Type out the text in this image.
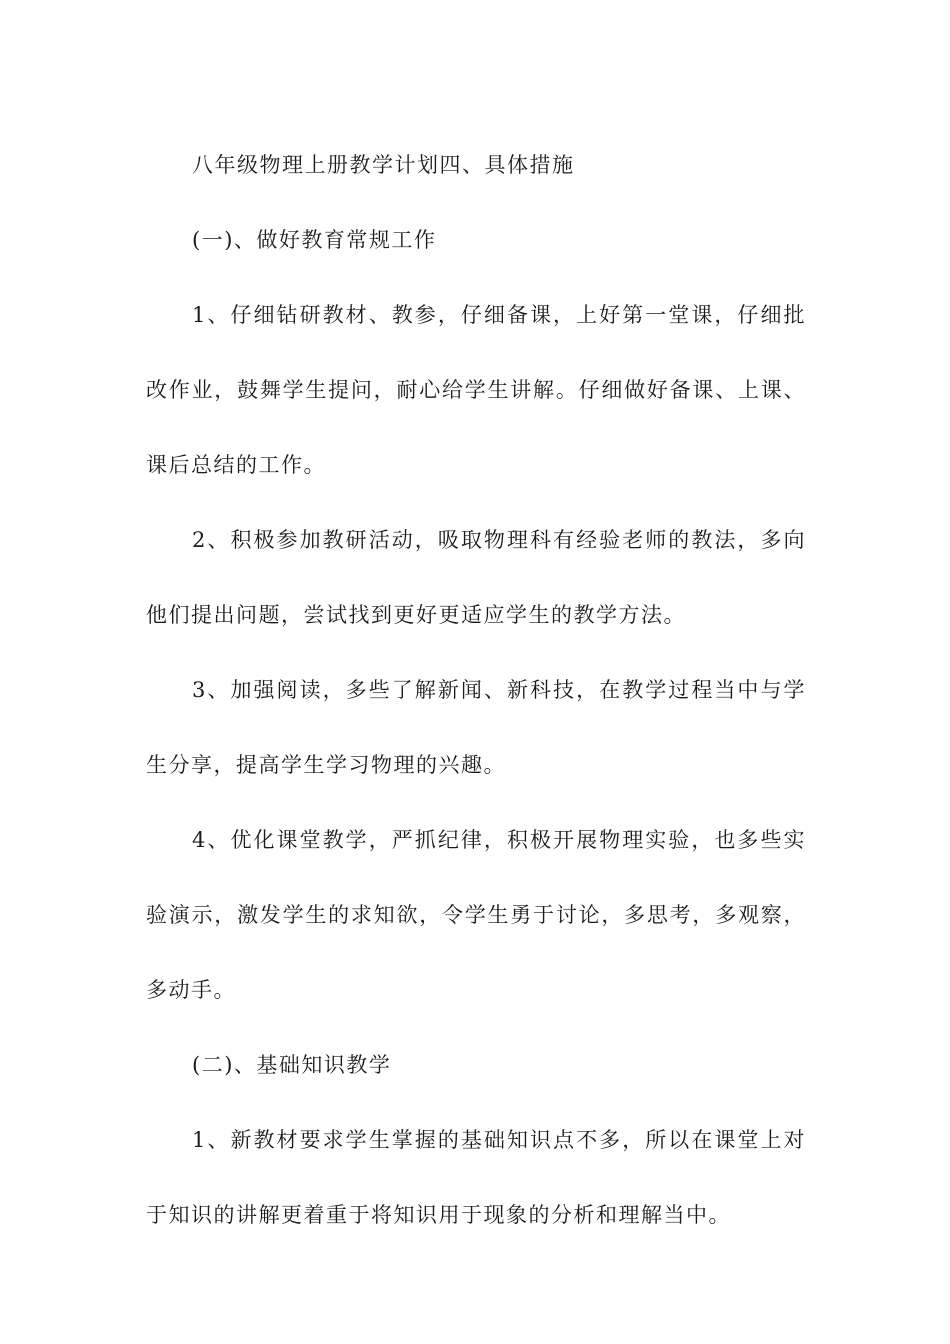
八年级物理上册教学计划四、具体措施

(一)、做好教育常规工作

1、仔细钻研教材、教参，仔细备课，上好第一堂课，仔细批改作业，鼓舞学生提问，耐心给学生讲解。仔细做好备课、上课、课后总结的工作。

2、积极参加教研活动，吸取物理科有经验老师的教法，多向他们提出问题，尝试找到更好更适应学生的教学方法。

3、加强阅读，多些了解新闻、新科技，在教学过程当中与学生分享，提高学生学习物理的兴趣。

4、优化课堂教学，严抓纪律，积极开展物理实验，也多些实验演示，激发学生的求知欲，令学生勇于讨论，多思考，多观察，多动手。

(二)、基础知识教学

1、新教材要求学生掌握的基础知识点不多，所以在课堂上对于知识的讲解更着重于将知识用于现象的分析和理解当中。
